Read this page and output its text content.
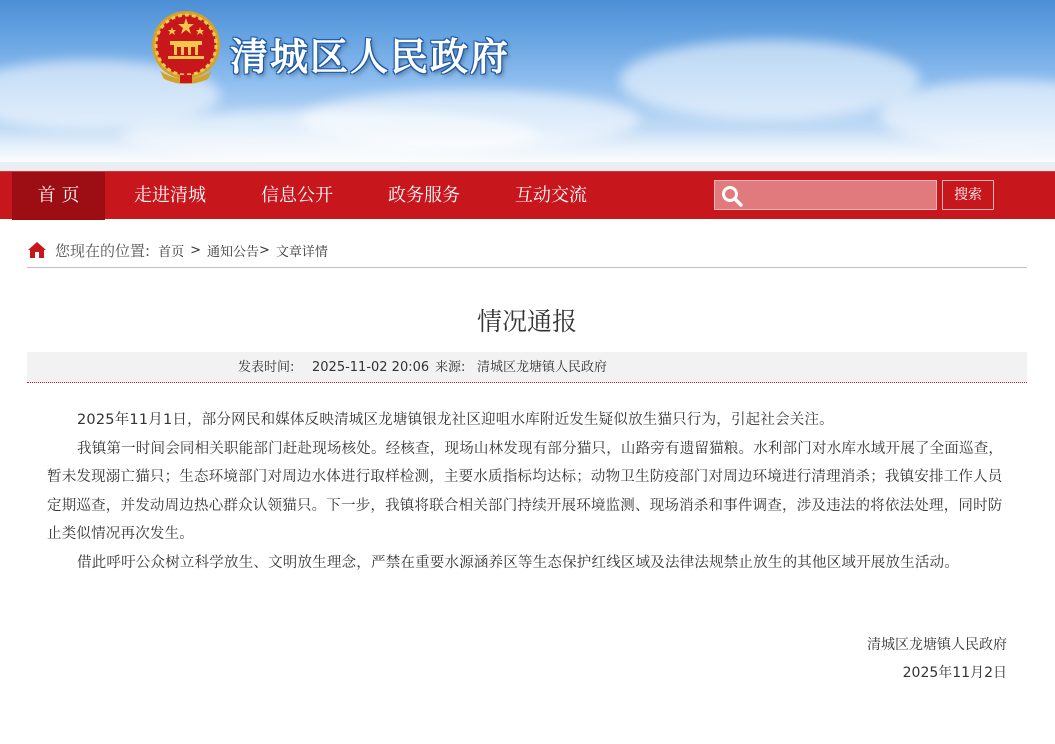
清城区人民政府
首 页	走进清城	信息公开	政务服务	互动交流	搜索
您现在的位置: 首页 > 通知公告 > 文章详情
情况通报
发表时间: 2025-11-02 20:06 来源: 清城区龙塘镇人民政府

2025年11月1日，部分网民和媒体反映清城区龙塘镇银龙社区迎咀水库附近发生疑似放生猫只行为，引起社会关注。

我镇第一时间会同相关职能部门赶赴现场核处。经核查，现场山林发现有部分猫只，山路旁有遗留猫粮。水利部门对水库水域开展了全面巡查，暂未发现溺亡猫只；生态环境部门对周边水体进行取样检测，主要水质指标均达标；动物卫生防疫部门对周边环境进行清理消杀；我镇安排工作人员定期巡查，并发动周边热心群众认领猫只。下一步，我镇将联合相关部门持续开展环境监测、现场消杀和事件调查，涉及违法的将依法处理，同时防止类似情况再次发生。

借此呼吁公众树立科学放生、文明放生理念，严禁在重要水源涵养区等生态保护红线区域及法律法规禁止放生的其他区域开展放生活动。

清城区龙塘镇人民政府
2025年11月2日
